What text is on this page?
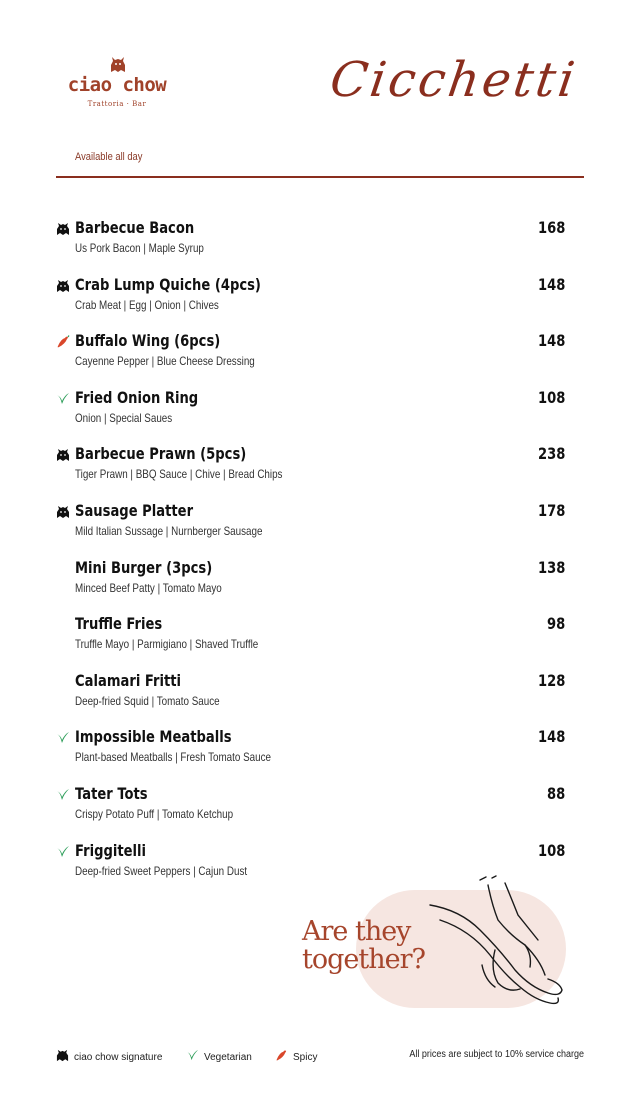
ciao chow
Trattoria · Bar	Cicchetti
Available all day
Barbecue Bacon
Us Pork Bacon | Maple Syrup
168
Crab Lump Quiche (4pcs)
Crab Meat | Egg | Onion | Chives
148
Buffalo Wing (6pcs)
Cayenne Pepper | Blue Cheese Dressing
148
Fried Onion Ring
Onion | Special Saues
108
Barbecue Prawn (5pcs)
Tiger Prawn | BBQ Sauce | Chive | Bread Chips
238
Sausage Platter
Mild Italian Sussage | Nurnberger Sausage
178
Mini Burger (3pcs)
Minced Beef Patty | Tomato Mayo
138
Truffle Fries
Truffle Mayo | Parmigiano | Shaved Truffle
98
Calamari Fritti
Deep-fried Squid | Tomato Sauce
128
Impossible Meatballs
Plant-based Meatballs | Fresh Tomato Sauce
148
Tater Tots
Crispy Potato Puff | Tomato Ketchup
88
Friggitelli
Deep-fried Sweet Peppers | Cajun Dust
108
Are they
together?
ciao chow signature	Vegetarian	Spicy	All prices are subject to 10% service charge
